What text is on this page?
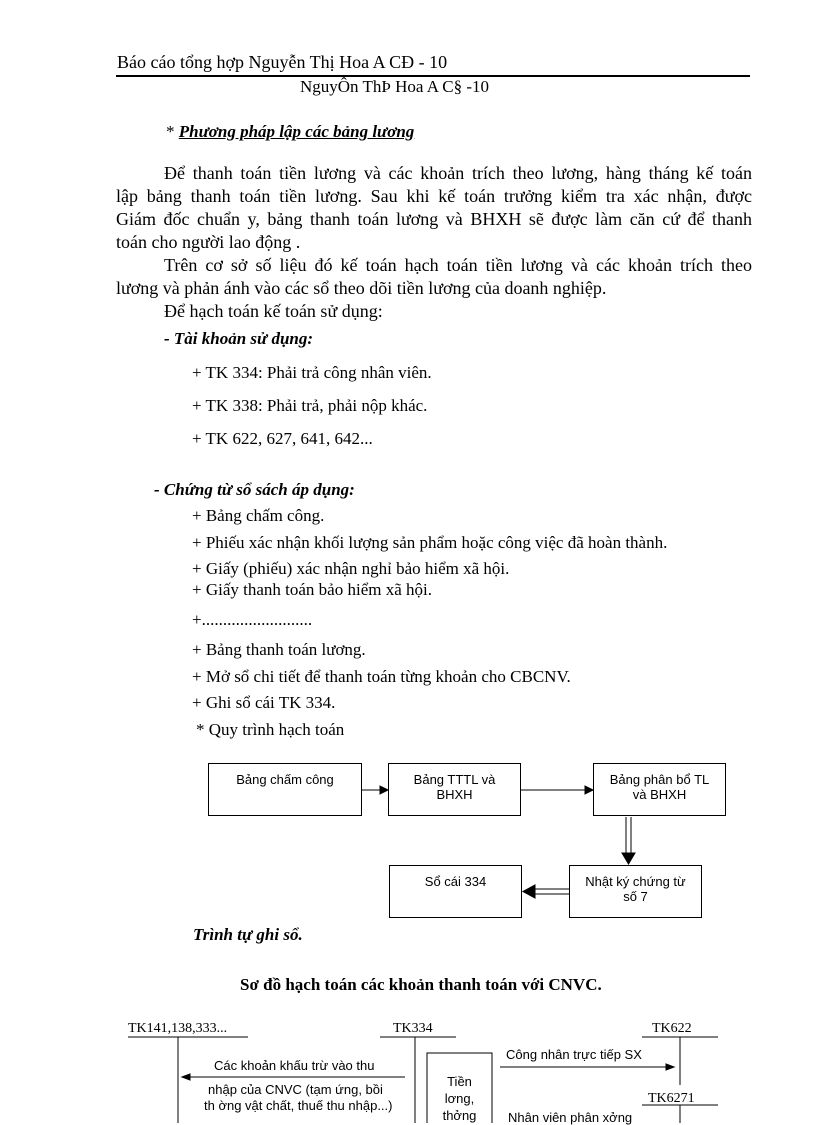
Báo cáo tổng hợp Nguyễn Thị Hoa A CĐ - 10
NguyÔn ThÞ Hoa A C§ -10
* Phương pháp lập các bảng lương
Để thanh toán tiền lương và các khoản trích theo lương, hàng tháng kế toán
lập bảng thanh toán tiền lương. Sau khi kế toán trưởng kiểm tra xác nhận, được
Giám đốc chuẩn y, bảng thanh toán lương và BHXH sẽ được làm căn cứ để thanh
toán cho người lao động .
Trên cơ sở số liệu đó kế toán hạch toán tiền lương và các khoản trích theo
lương và phản ánh vào các sổ theo dõi tiền lương của doanh nghiệp.
Để hạch toán kế toán sử dụng:
- Tài khoản sử dụng:
+ TK 334: Phải trả công nhân viên.
+ TK 338: Phải trả, phải nộp khác.
+ TK 622, 627, 641, 642...
- Chứng từ sổ sách áp dụng:
+ Bảng chấm công.
+ Phiếu xác nhận khối lượng sản phẩm hoặc công việc đã hoàn thành.
+ Giấy (phiếu) xác nhận nghỉ bảo hiểm xã hội.
+ Giấy thanh toán bảo hiểm xã hội.
+..........................
+ Bảng thanh toán lương.
+ Mở sổ chi tiết để thanh toán từng khoản cho CBCNV.
+ Ghi sổ cái TK 334.
* Quy trình hạch toán
Bảng chấm công	Bảng TTTL và
BHXH
Bảng phân bổ TL
và BHXH
Nhật ký chứng từ
số 7
Sổ cái 334
Trình tự ghi sổ.
Sơ đồ hạch toán các khoản thanh toán với CNVC.
TK141,138,333...	TK334	TK622
TK6271
Các khoản khấu trừ vào thu
nhập của CNVC (tạm ứng, bồi
th ờng vật chất, thuế thu nhập...)
Tiền
lơng,
thởng
Công nhân trực tiếp SX
Nhân viên phân xởng
